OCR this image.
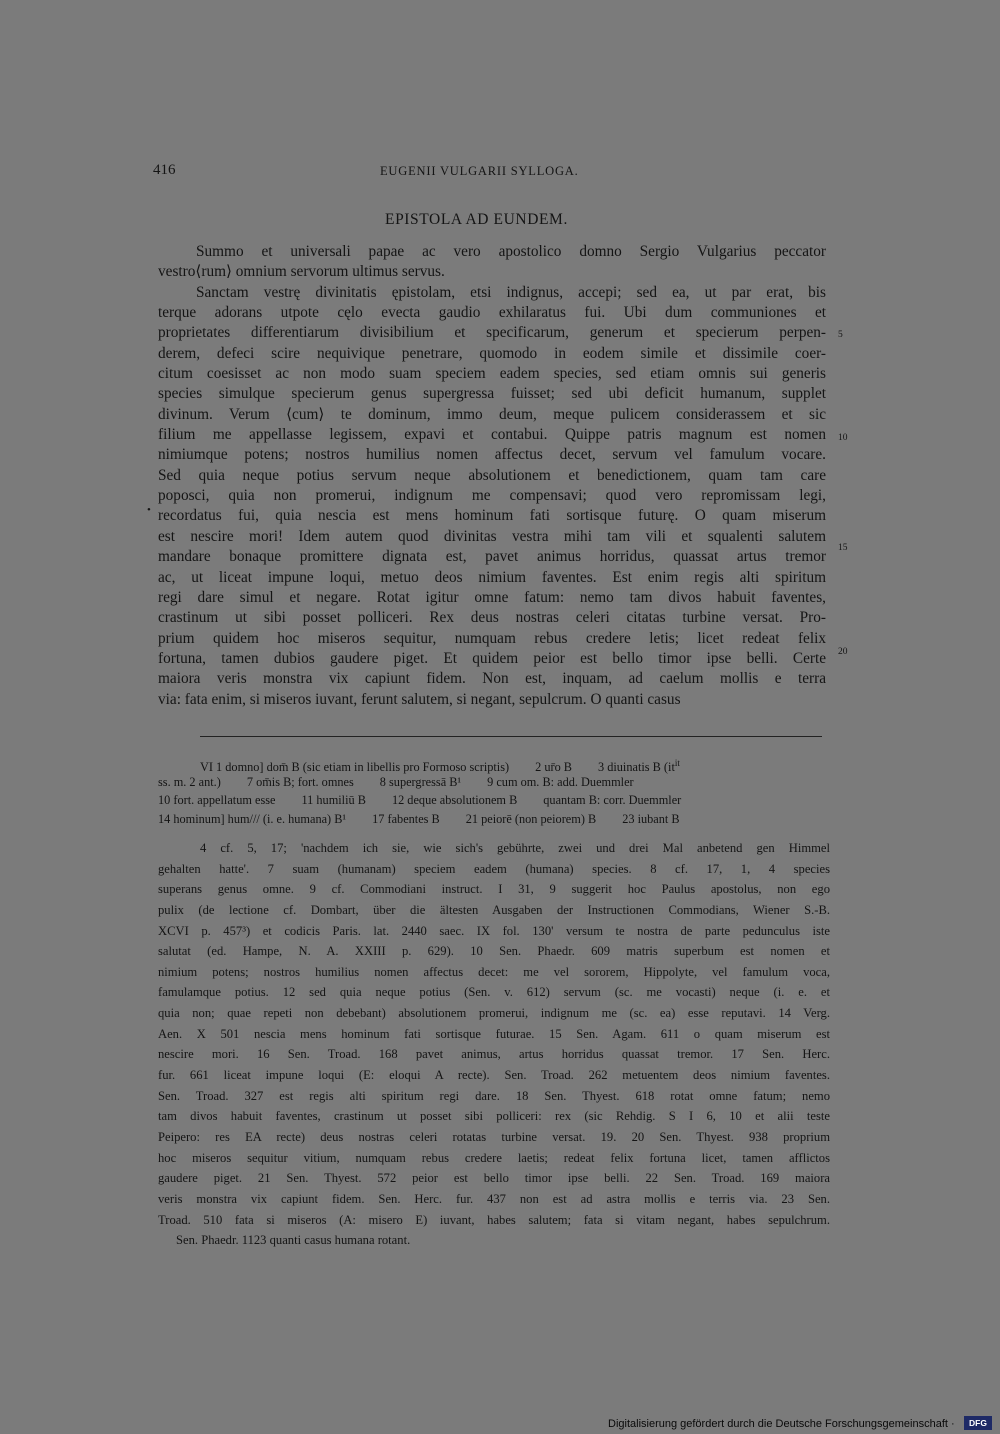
416	EUGENII VULGARII SYLLOGA.
EPISTOLA AD EUNDEM.
Summo et universali papae ac vero apostolico domno Sergio Vulgarius peccator
vestro⟨rum⟩ omnium servorum ultimus servus.
Sanctam vestrę divinitatis ępistolam, etsi indignus, accepi; sed ea, ut par erat, bis
terque adorans utpote cęlo evecta gaudio exhilaratus fui. Ubi dum communiones et
proprietates differentiarum divisibilium et specificarum, generum et specierum perpen-
derem, defeci scire nequivique penetrare, quomodo in eodem simile et dissimile coer-
citum coesisset ac non modo suam speciem eadem species, sed etiam omnis sui generis
species simulque specierum genus supergressa fuisset; sed ubi deficit humanum, supplet
divinum. Verum ⟨cum⟩ te dominum, immo deum, meque pulicem considerassem et sic
filium me appellasse legissem, expavi et contabui. Quippe patris magnum est nomen
nimiumque potens; nostros humilius nomen affectus decet, servum vel famulum vocare.
Sed quia neque potius servum neque absolutionem et benedictionem, quam tam care
poposci, quia non promerui, indignum me compensavi; quod vero repromissam legi,
recordatus fui, quia nescia est mens hominum fati sortisque futurę. O quam miserum
est nescire mori! Idem autem quod divinitas vestra mihi tam vili et squalenti salutem
mandare bonaque promittere dignata est, pavet animus horridus, quassat artus tremor
ac, ut liceat impune loqui, metuo deos nimium faventes. Est enim regis alti spiritum
regi dare simul et negare. Rotat igitur omne fatum: nemo tam divos habuit faventes,
crastinum ut sibi posset polliceri. Rex deus nostras celeri citatas turbine versat. Pro-
prium quidem hoc miseros sequitur, numquam rebus credere letis; licet redeat felix
fortuna, tamen dubios gaudere piget. Et quidem peior est bello timor ipse belli. Certe
maiora veris monstra vix capiunt fidem. Non est, inquam, ad caelum mollis e terra
via: fata enim, si miseros iuvant, ferunt salutem, si negant, sepulcrum. O quanti casus
5
10
15
20
•
VI 1 domno] dom̄ B (sic etiam in libellis pro Formoso scriptis) 2 ur̄o B 3 diuinatis B ($it^{it}$
ss. m. 2 ant.) 7 om̄is B; fort. omnes 8 supergressā B¹ 9 cum om. B: add. Duemmler
10 fort. appellatum esse 11 humiliū B 12 deque absolutionem B quantam B: corr. Duemmler
14 hominum] hum/// (i. e. humana) B¹ 17 fabentes B 21 peiorē (non peiorem) B 23 iubant B
4 cf. 5, 17; 'nachdem ich sie, wie sich's gebührte, zwei und drei Mal anbetend gen Himmel
gehalten hatte'. 7 suam (humanam) speciem eadem (humana) species. 8 cf. 17, 1, 4 species
superans genus omne. 9 cf. Commodiani instruct. I 31, 9 suggerit hoc Paulus apostolus, non ego
pulix (de lectione cf. Dombart, über die ältesten Ausgaben der Instructionen Commodians, Wiener S.-B.
XCVI p. 457³) et codicis Paris. lat. 2440 saec. IX fol. 130' versum te nostra de parte pedunculus iste
salutat (ed. Hampe, N. A. XXIII p. 629). 10 Sen. Phaedr. 609 matris superbum est nomen et
nimium potens; nostros humilius nomen affectus decet: me vel sororem, Hippolyte, vel famulum voca,
famulamque potius. 12 sed quia neque potius (Sen. v. 612) servum (sc. me vocasti) neque (i. e. et
quia non; quae repeti non debebant) absolutionem promerui, indignum me (sc. ea) esse reputavi. 14 Verg.
Aen. X 501 nescia mens hominum fati sortisque futurae. 15 Sen. Agam. 611 o quam miserum est
nescire mori. 16 Sen. Troad. 168 pavet animus, artus horridus quassat tremor. 17 Sen. Herc.
fur. 661 liceat impune loqui (E: eloqui A recte). Sen. Troad. 262 metuentem deos nimium faventes.
Sen. Troad. 327 est regis alti spiritum regi dare. 18 Sen. Thyest. 618 rotat omne fatum; nemo
tam divos habuit faventes, crastinum ut posset sibi polliceri: rex (sic Rehdig. S I 6, 10 et alii teste
Peipero: res EA recte) deus nostras celeri rotatas turbine versat. 19. 20 Sen. Thyest. 938 proprium
hoc miseros sequitur vitium, numquam rebus credere laetis; redeat felix fortuna licet, tamen afflictos
gaudere piget. 21 Sen. Thyest. 572 peior est bello timor ipse belli. 22 Sen. Troad. 169 maiora
veris monstra vix capiunt fidem. Sen. Herc. fur. 437 non est ad astra mollis e terris via. 23 Sen.
Troad. 510 fata si miseros (A: misero E) iuvant, habes salutem; fata si vitam negant, habes sepulchrum.
Sen. Phaedr. 1123 quanti casus humana rotant.
Digitalisierung gefördert durch die Deutsche Forschungsgemeinschaft ·	DFG
